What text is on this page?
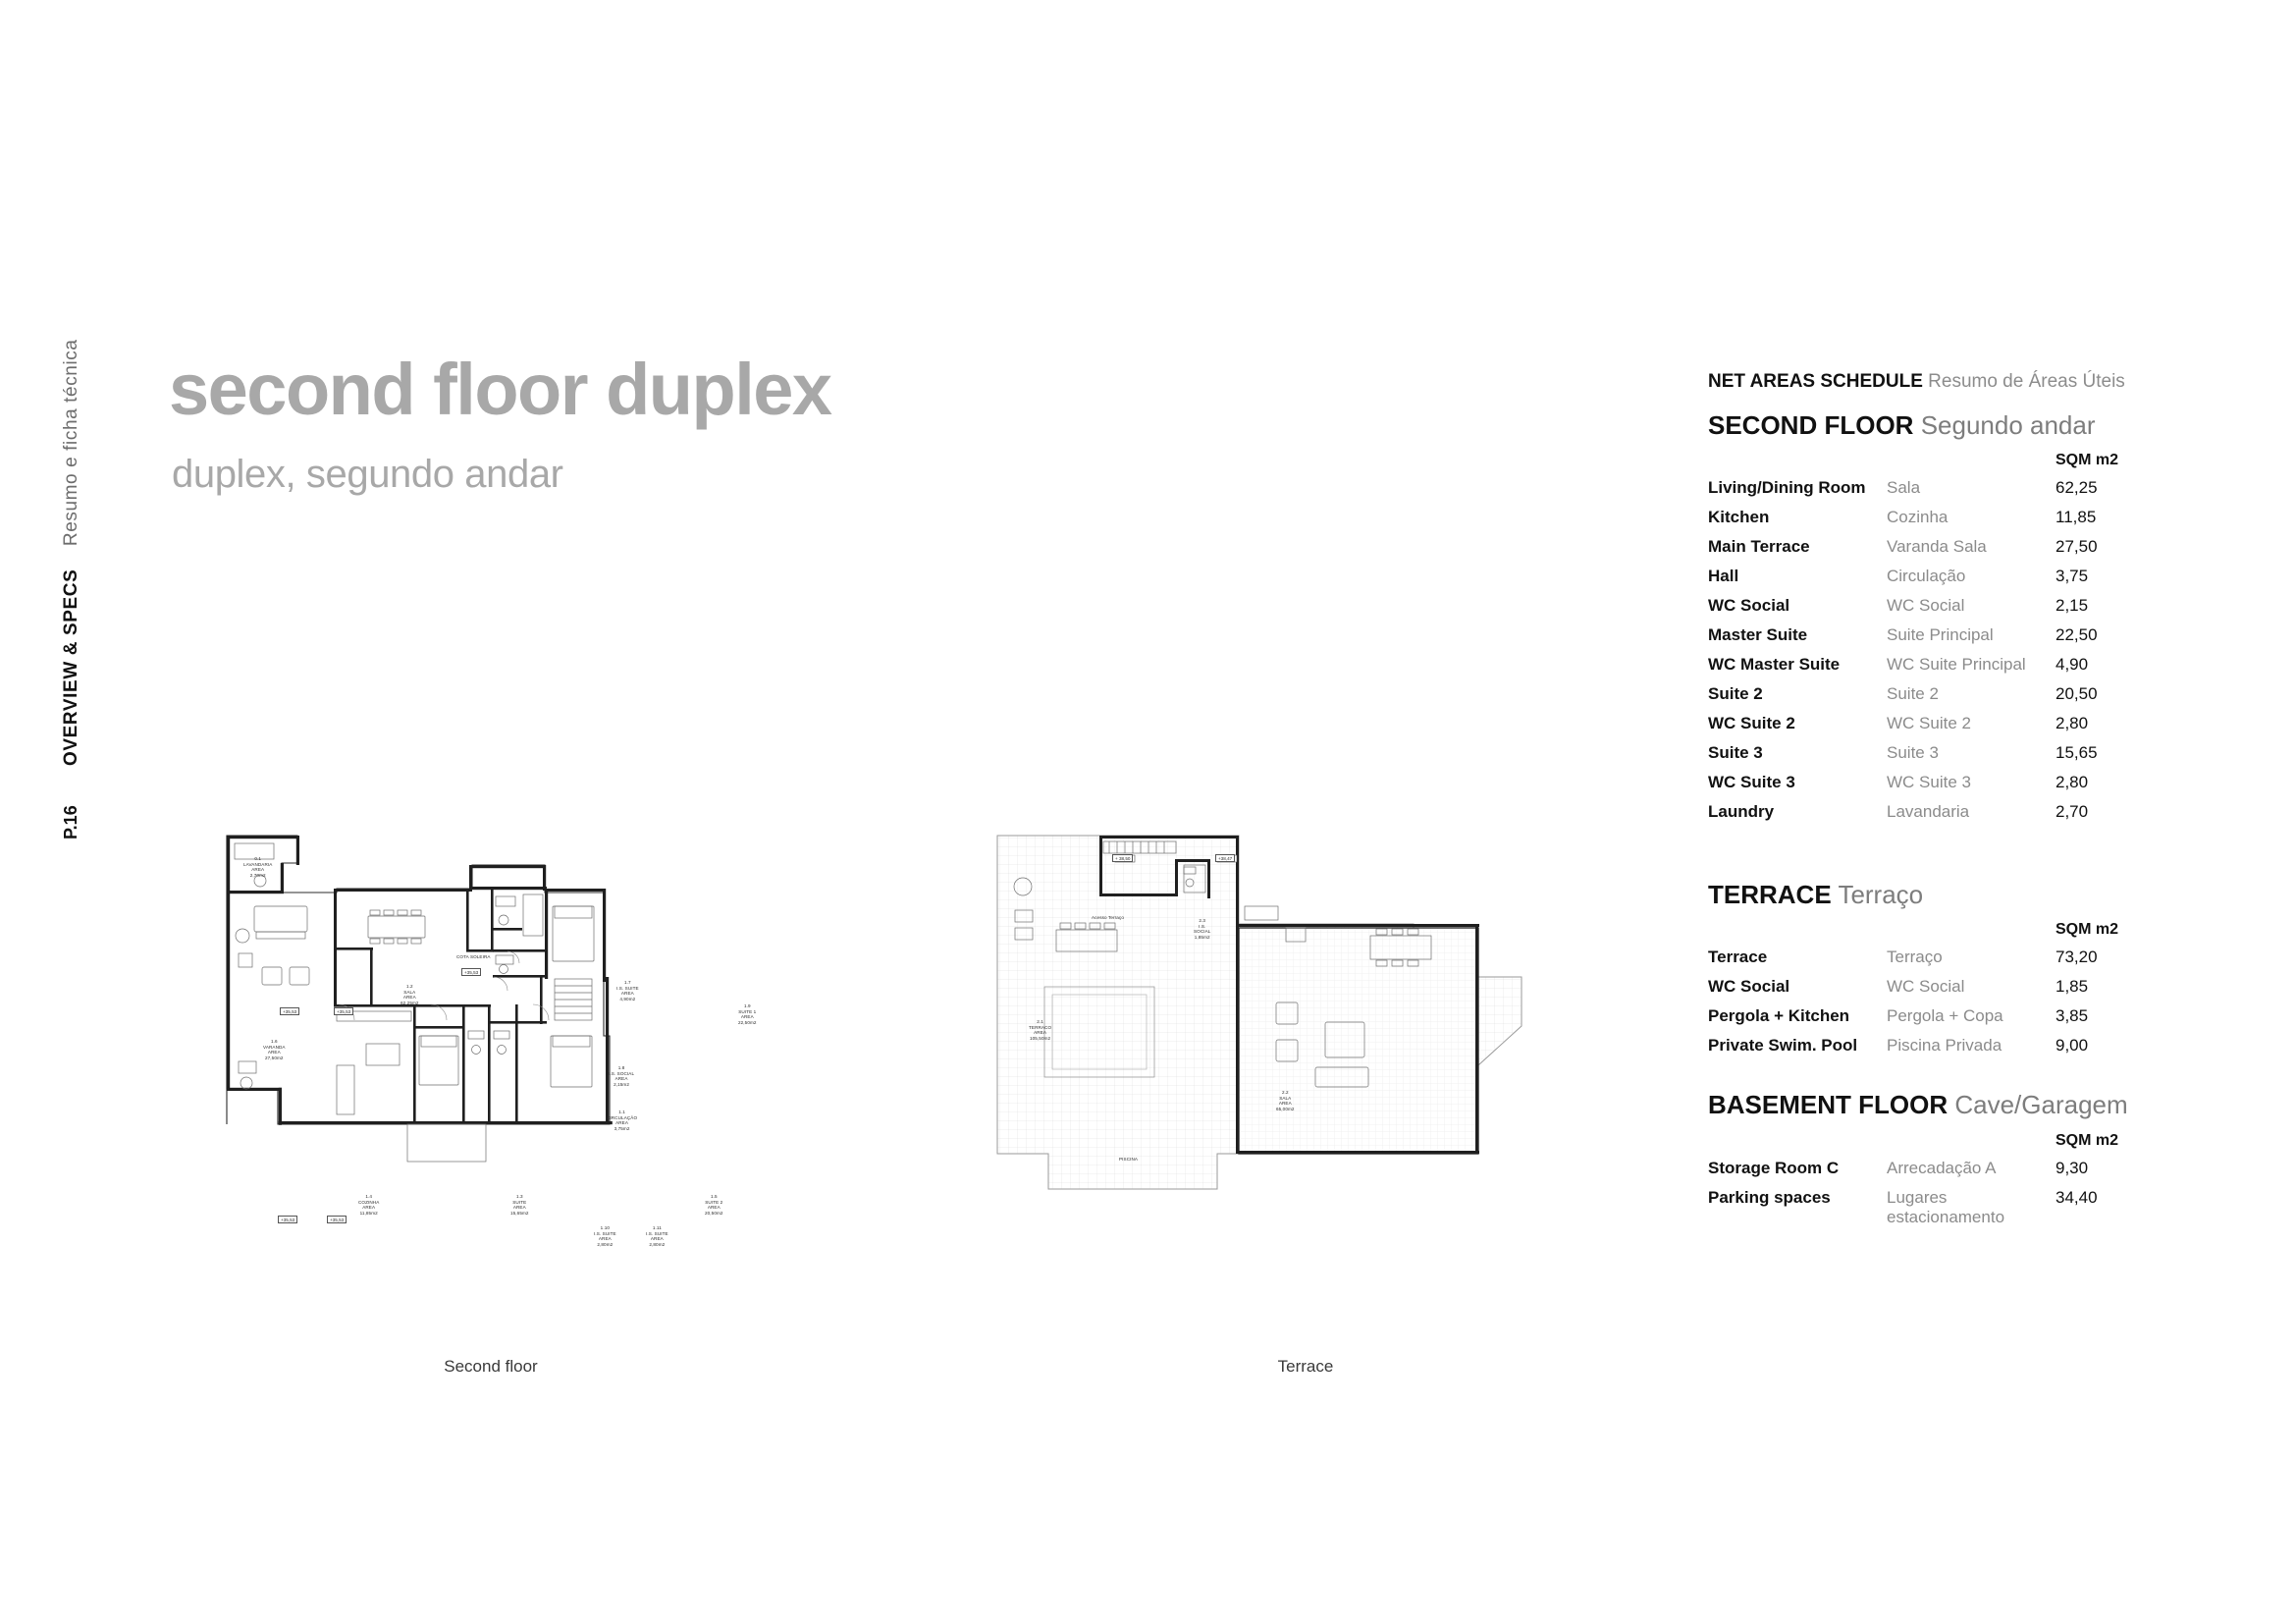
OVERVIEW & SPECS    Resumo e ficha técnica
P.16
second floor duplex
duplex, segundo andar
0.1
LAVANDARIA
AREA
2,70m2
1.6
VARANDA
AREA
27,50m2
1.2
SALA
AREA
62,25m2
1.4
COZINHA
AREA
11,85m2
1.3
SUITE
AREA
15,65m2
1.5
SUITE 2
AREA
20,50m2
1.9
SUITE 1
AREA
22,50m2
1.7
I.S. SUITE
AREA
4,90m2
1.8
I.S. SOCIAL
AREA
2,15m2
1.1
CIRCULAÇÃO
AREA
3,75m2
1.10
I.S. SUITE
AREA
2,80m2
1.11
I.S. SUITE
AREA
2,80m2
COTA SOLEIRA
+35,53
+35,53	+35,53
+35,53	+35,53
Second floor
2.1
TERRACO
AREA
105,50m2
2.2
SALA
AREA
65,00m2
2.3
I.S.
SOCIAL
1,85m2
Acesso Terraço
PISCINA
+ 38,50	+38,47
Terrace
NET AREAS SCHEDULE Resumo de Áreas Úteis
SECOND FLOOR Segundo andar
		SQM m2
Living/Dining Room	Sala	62,25
Kitchen	Cozinha	11,85
Main Terrace	Varanda Sala	27,50
Hall	Circulação	3,75
WC Social	WC Social	2,15
Master Suite	Suite Principal	22,50
WC Master Suite	WC Suite Principal	4,90
Suite 2	Suite 2	20,50
WC Suite 2	WC Suite 2	2,80
Suite 3	Suite 3	15,65
WC Suite 3	WC Suite 3	2,80
Laundry	Lavandaria	2,70
TERRACE Terraço
		SQM m2
Terrace	Terraço	73,20
WC Social	WC Social	1,85
Pergola + Kitchen	Pergola + Copa	3,85
Private Swim. Pool	Piscina Privada	9,00
BASEMENT FLOOR Cave/Garagem
		SQM m2
Storage Room C	Arrecadação A	9,30
Parking spaces	Lugares estacionamento	34,40
